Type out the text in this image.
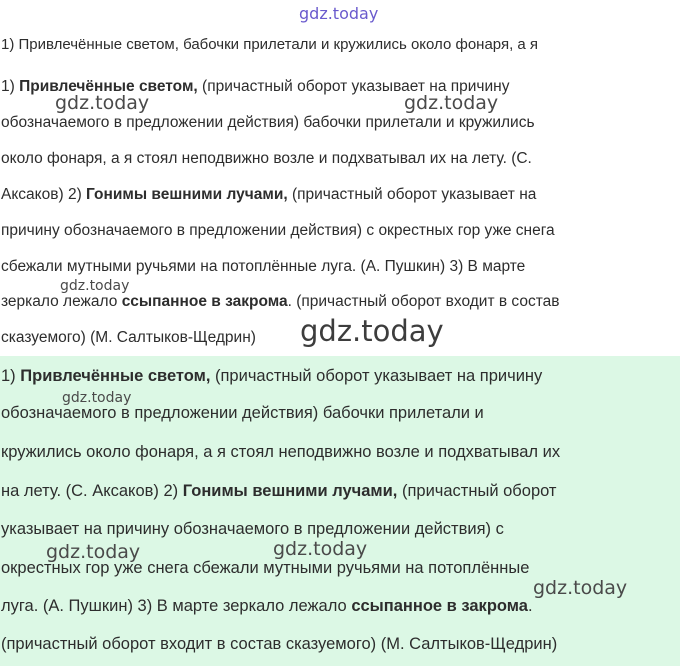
gdz.today
1) Привлечённые светом, бабочки прилетали и кружились около фонаря, а я
1) Привлечённые светом, (причастный оборот указывает на причину
обозначаемого в предложении действия) бабочки прилетали и кружились
около фонаря, а я стоял неподвижно возле и подхватывал их на лету. (С.
Аксаков) 2) Гонимы вешними лучами, (причастный оборот указывает на
причину обозначаемого в предложении действия) с окрестных гор уже снега
сбежали мутными ручьями на потоплённые луга. (А. Пушкин) 3) В марте
зеркало лежало ссыпанное в закрома. (причастный оборот входит в состав
сказуемого) (М. Салтыков-Щедрин)
1) Привлечённые светом, (причастный оборот указывает на причину
обозначаемого в предложении действия) бабочки прилетали и
кружились около фонаря, а я стоял неподвижно возле и подхватывал их
на лету. (С. Аксаков) 2) Гонимы вешними лучами, (причастный оборот
указывает на причину обозначаемого в предложении действия) с
окрестных гор уже снега сбежали мутными ручьями на потоплённые
луга. (А. Пушкин) 3) В марте зеркало лежало ссыпанное в закрома.
(причастный оборот входит в состав сказуемого) (М. Салтыков-Щедрин)
gdz.today	gdz.today
gdz.today
gdz.today
gdz.today
gdz.today	gdz.today
gdz.today
